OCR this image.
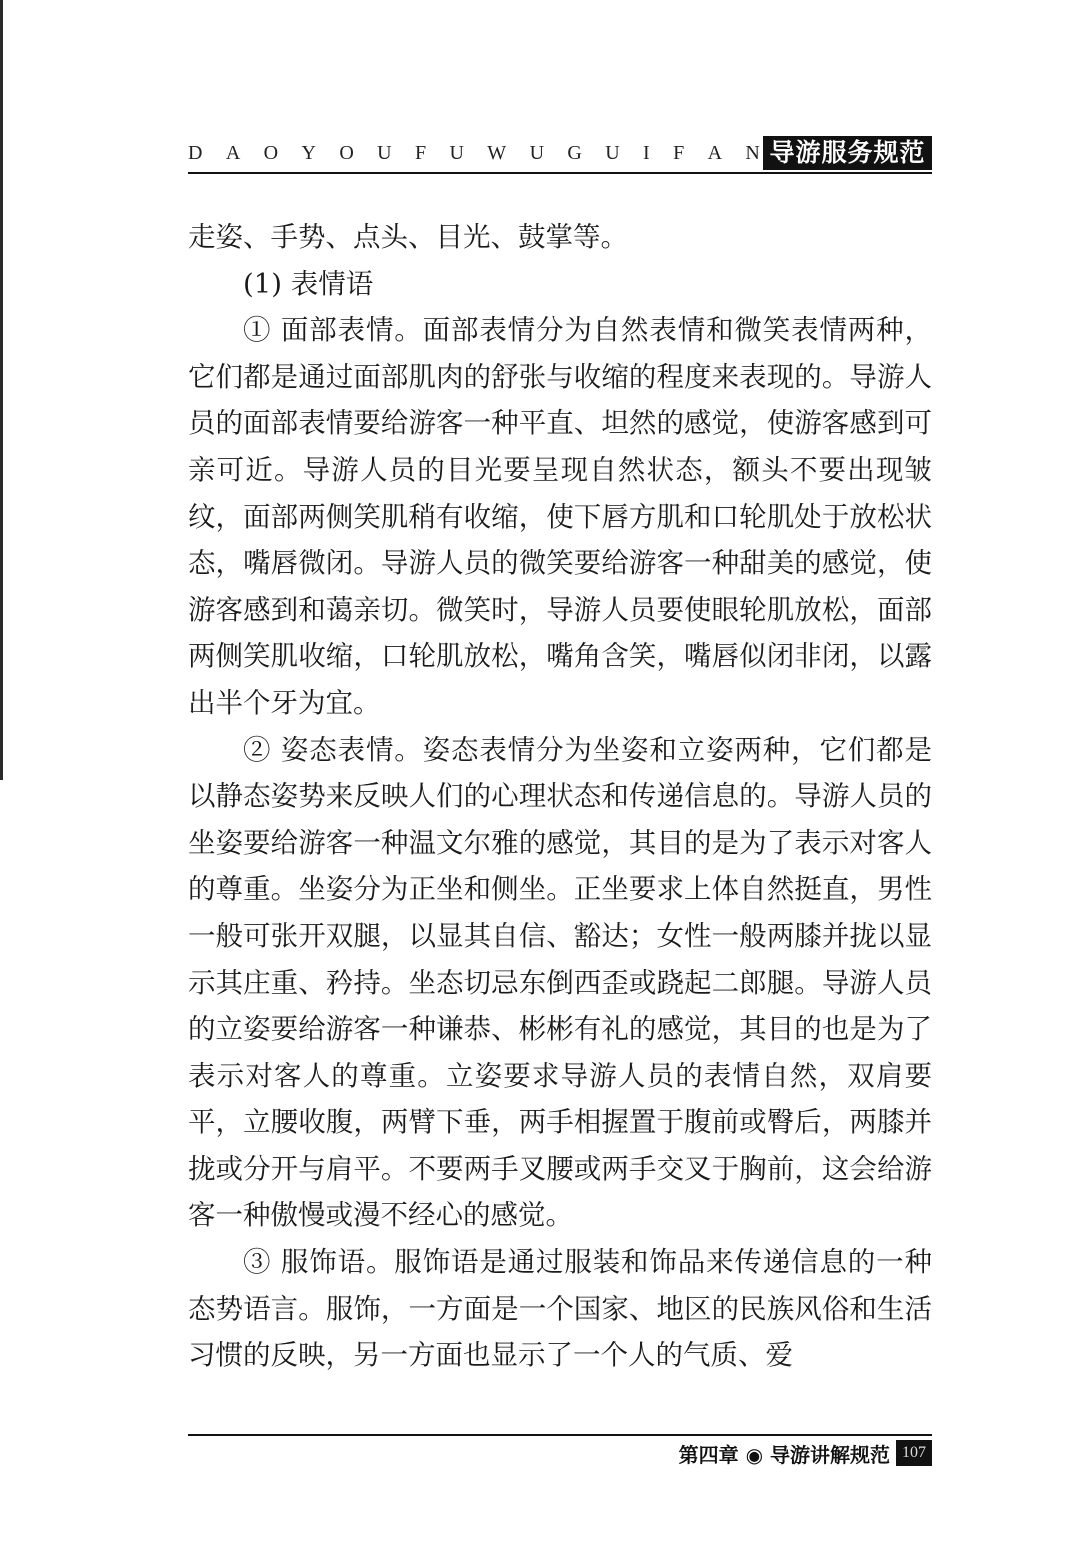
D A O Y O U F U W U G U I F A N 导游服务规范

走姿、手势、点头、目光、鼓掌等。

(1) 表情语

① 面部表情。面部表情分为自然表情和微笑表情两种，它们都是通过面部肌肉的舒张与收缩的程度来表现的。导游人员的面部表情要给游客一种平直、坦然的感觉，使游客感到可亲可近。导游人员的目光要呈现自然状态，额头不要出现皱纹，面部两侧笑肌稍有收缩，使下唇方肌和口轮肌处于放松状态，嘴唇微闭。导游人员的微笑要给游客一种甜美的感觉，使游客感到和蔼亲切。微笑时，导游人员要使眼轮肌放松，面部两侧笑肌收缩，口轮肌放松，嘴角含笑，嘴唇似闭非闭，以露出半个牙为宜。

② 姿态表情。姿态表情分为坐姿和立姿两种，它们都是以静态姿势来反映人们的心理状态和传递信息的。导游人员的坐姿要给游客一种温文尔雅的感觉，其目的是为了表示对客人的尊重。坐姿分为正坐和侧坐。正坐要求上体自然挺直，男性一般可张开双腿，以显其自信、豁达；女性一般两膝并拢以显示其庄重、矜持。坐态切忌东倒西歪或跷起二郎腿。导游人员的立姿要给游客一种谦恭、彬彬有礼的感觉，其目的也是为了表示对客人的尊重。立姿要求导游人员的表情自然，双肩要平，立腰收腹，两臂下垂，两手相握置于腹前或臀后，两膝并拢或分开与肩平。不要两手叉腰或两手交叉于胸前，这会给游客一种傲慢或漫不经心的感觉。

③ 服饰语。服饰语是通过服装和饰品来传递信息的一种态势语言。服饰，一方面是一个国家、地区的民族风俗和生活习惯的反映，另一方面也显示了一个人的气质、爱

第四章 ◉ 导游讲解规范 107
